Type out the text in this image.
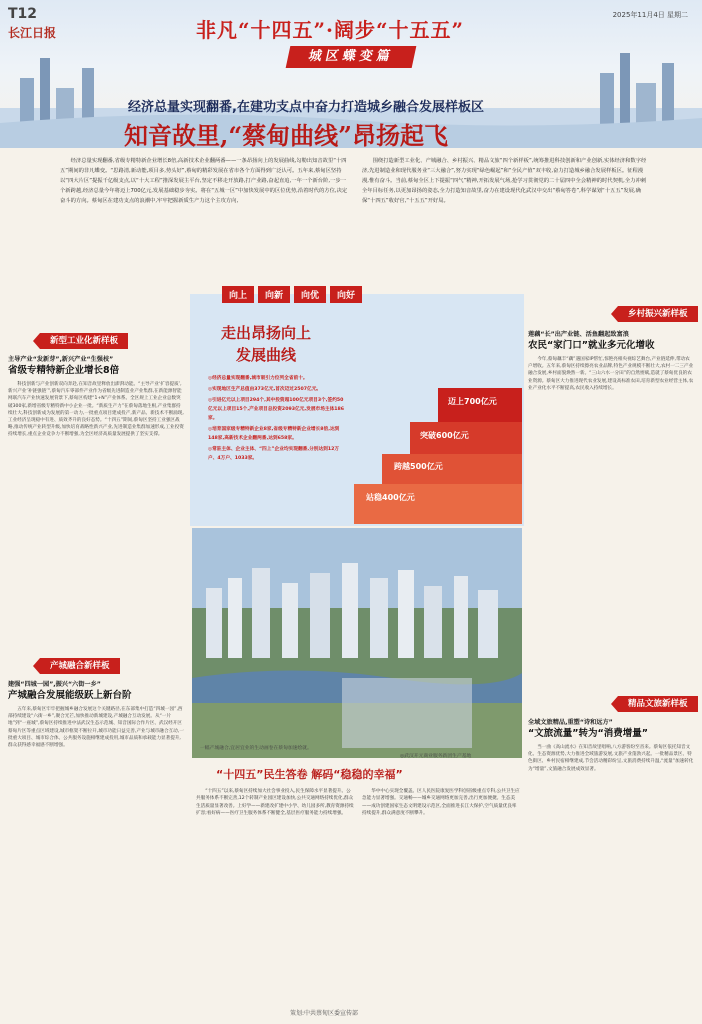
T12
长江日报
2025年11月4日 星期二
非凡“十四五”·阔步“十五五”
城区蝶变篇
经济总量实现翻番,在建功支点中奋力打造城乡融合发展样板区
知音故里,“蔡甸曲线”昂扬起飞

经济总量实现翻番,省级专精特新企业增长8倍,高新技术企业翻两番——一条昂扬向上的发展曲线,勾勒出知音故里“十四五”期间的非凡蝶变。“思路清,新动能,项目多,势头好”,蔡甸的精彩发展在省市各个方面得到广泛认可。五年来,蔡甸区坚持以“四大片区”提振千亿级支点,以“十大工程”推深发展主平台,坚定不移走开放路,打产业路,奋起直追,一年一个新台阶,一步一个新跨越,经济总量今年将迈上700亿元,发展基础稳步夯实。将在“五城一区”中加快发展中的区位优势,沿着时代的方位,决定奋斗的方向。蔡甸区在建功支点的浪潮中,牢牢把握新质生产力这个主攻方向,

围绕打造新型工业化、产城融合、乡村振兴、精品文旅“四个新样板”,统筹推进科技创新和产业创新,实体经济和数字经济,先进制造业和现代服务业“三大融合”,努力实现“绿色崛起”和“全民产值”双丰收,奋力打造城乡融合发展样板区。征程漫漫,惟有奋斗。当前,蔡甸全区上下提振“四气”精神,开拓发展气场,抢学习贯彻党的二十届四中全会精神的时代契机,全力冲刺全年目标任务,以更加昂扬的姿态,全力打造知音故里,奋力在建设现代化武汉中交出“蔡甸答卷”,科学谋划“十五五”发展,确保“十四五”收好官,“十五五”开好局。

新型工业化新样板
主导产业“发新芽”,新兴产业“生强枝”
省级专精特新企业增长8倍
科技创新与产业创新双向奔赴,在知音故里释放出澎湃动能。“主导产业‘扩容提质’,新兴产业‘补链强链’”,蔡甸汽车零部件产业作为省级先进制造业产业集群,在新能源智能网联汽车产业快速发展背景下,蔡甸区构建“1+N”产业体系。全区规上工业企业总数突破300家,新增省级专精特新中小企业一批。“新质生产力”在蔡甸落地生根,产业集群持续壮大,科技创新成为发展的第一动力,一批重点项目建成投产,新产品、新技术不断涌现,工业经济呈现稳中有进、质效齐升的良好态势。“十四五”期间,蔡甸区坚持工业强区战略,推动传统产业转型升级,加快培育战略性新兴产业,先进制造业集群加速形成,工业投资持续增长,重点企业竞争力不断增强,为全区经济高质量发展提供了坚实支撑。
产城融合新样板
建强“四城一园”,振兴“六街一乡”
产城融合发展能级跃上新台阶
五年来,蔡甸区牢牢把握城乡融合发展这个关键路径,在东部集中打造“四城一园”,西部持续建设“六街一乡”,聚合光芒,加快推动新城建设,产城融合互动发展。从“一片地”到“一座城”,蔡甸区持续推进中法武汉生态示范城、知音国际合作片区、武汉经开区蔡甸片区等重点区域建设,城市框架不断拉开,城市功能日益完善,产业与城市融合互动,一批重大项目、城市综合体、公共服务设施相继建成投用,城市品质和承载能力显著提升,群众获得感幸福感不断增强。
向上	向新	向优	向好
走出昂扬向上发展曲线
◎经济总量实现翻番,城市吸引力位列全省前十。
◎实现地区生产总值由373亿元,首次迈过2507亿元。
◎引进亿元以上项目294个,其中投资超100亿元项目3个,签约50亿元以上项目15个,产业项目总投资2093亿元,发展市场主体186家。
◎培育国家级专精特新企业8家,省级专精特新企业增长8倍,达到148家,高新技术企业翻两番,达到658家。
◎常驻主体、企业主体、“四上”企业均实现翻番,分别达到12万户、4万户、1033家。
迈上700亿元
突破600亿元
跨越500亿元
站稳400亿元
一幅产城融合,宜居宜业的生动画卷在蔡甸加速绘就。
◎武汉开元商业服务新团生产基地
“十四五”民生答卷 解码“稳稳的幸福”
“十四五”以来,蔡甸区持续加大社会事业投入,民生保障水平显著提升。公共服务体系不断完善,12个转制产业园区建设加快,公共交通网络持续优化,群众生活质量显著改善。上好学——新建改扩建中小学、幼儿园多所,教育资源持续扩容;看好病——医疗卫生服务体系不断健全,基层医疗服务能力持续增强。
华中中心实现全覆盖。区人民医院康复医学科创省级重点专科,公共卫生应急能力显著增强。交通畅——城乡交通网络更加完善,出行更加便捷。生态美——成功创建国家生态文明建设示范区,全面推进长江大保护,空气质量优良率持续提升,群众满意度不断攀升。
乡村振兴新样板
莲藕“长”出产业链、活鱼翻起致富浪
农民“家门口”就业多元化增收
今年,蔡甸藕丰“藕”遇国家IP帮忙,惊艳亮相央视综艺舞台,产业链延伸,带动农户增收。五年来,蔡甸区持续擦亮农业品牌,特色产业规模不断壮大,农村一二三产业融合发展,乡村面貌焕然一新。“三山六水一分田”的自然禀赋,造就了蔡甸优良的农业资源。蔡甸区大力推进现代农业发展,建设高标准农田,培育新型农业经营主体,农业产业化水平不断提高,农民收入持续增长。
精品文旅新样板
全域文旅精品,重塑“诗和远方”
“文旅流量”转为“消费增量”
当一曲《高山流水》在知音故里唱响,八方游客纷至沓来。蔡甸区依托知音文化、生态资源优势,大力推进全域旅游发展,文旅产业蓬勃兴起。一批精品景区、特色街区、乡村民宿相继建成,节会活动精彩纷呈,文旅消费持续升温,“流量”加速转化为“增量”,文旅融合发展成效显著。
策划:中共蔡甸区委宣传部
